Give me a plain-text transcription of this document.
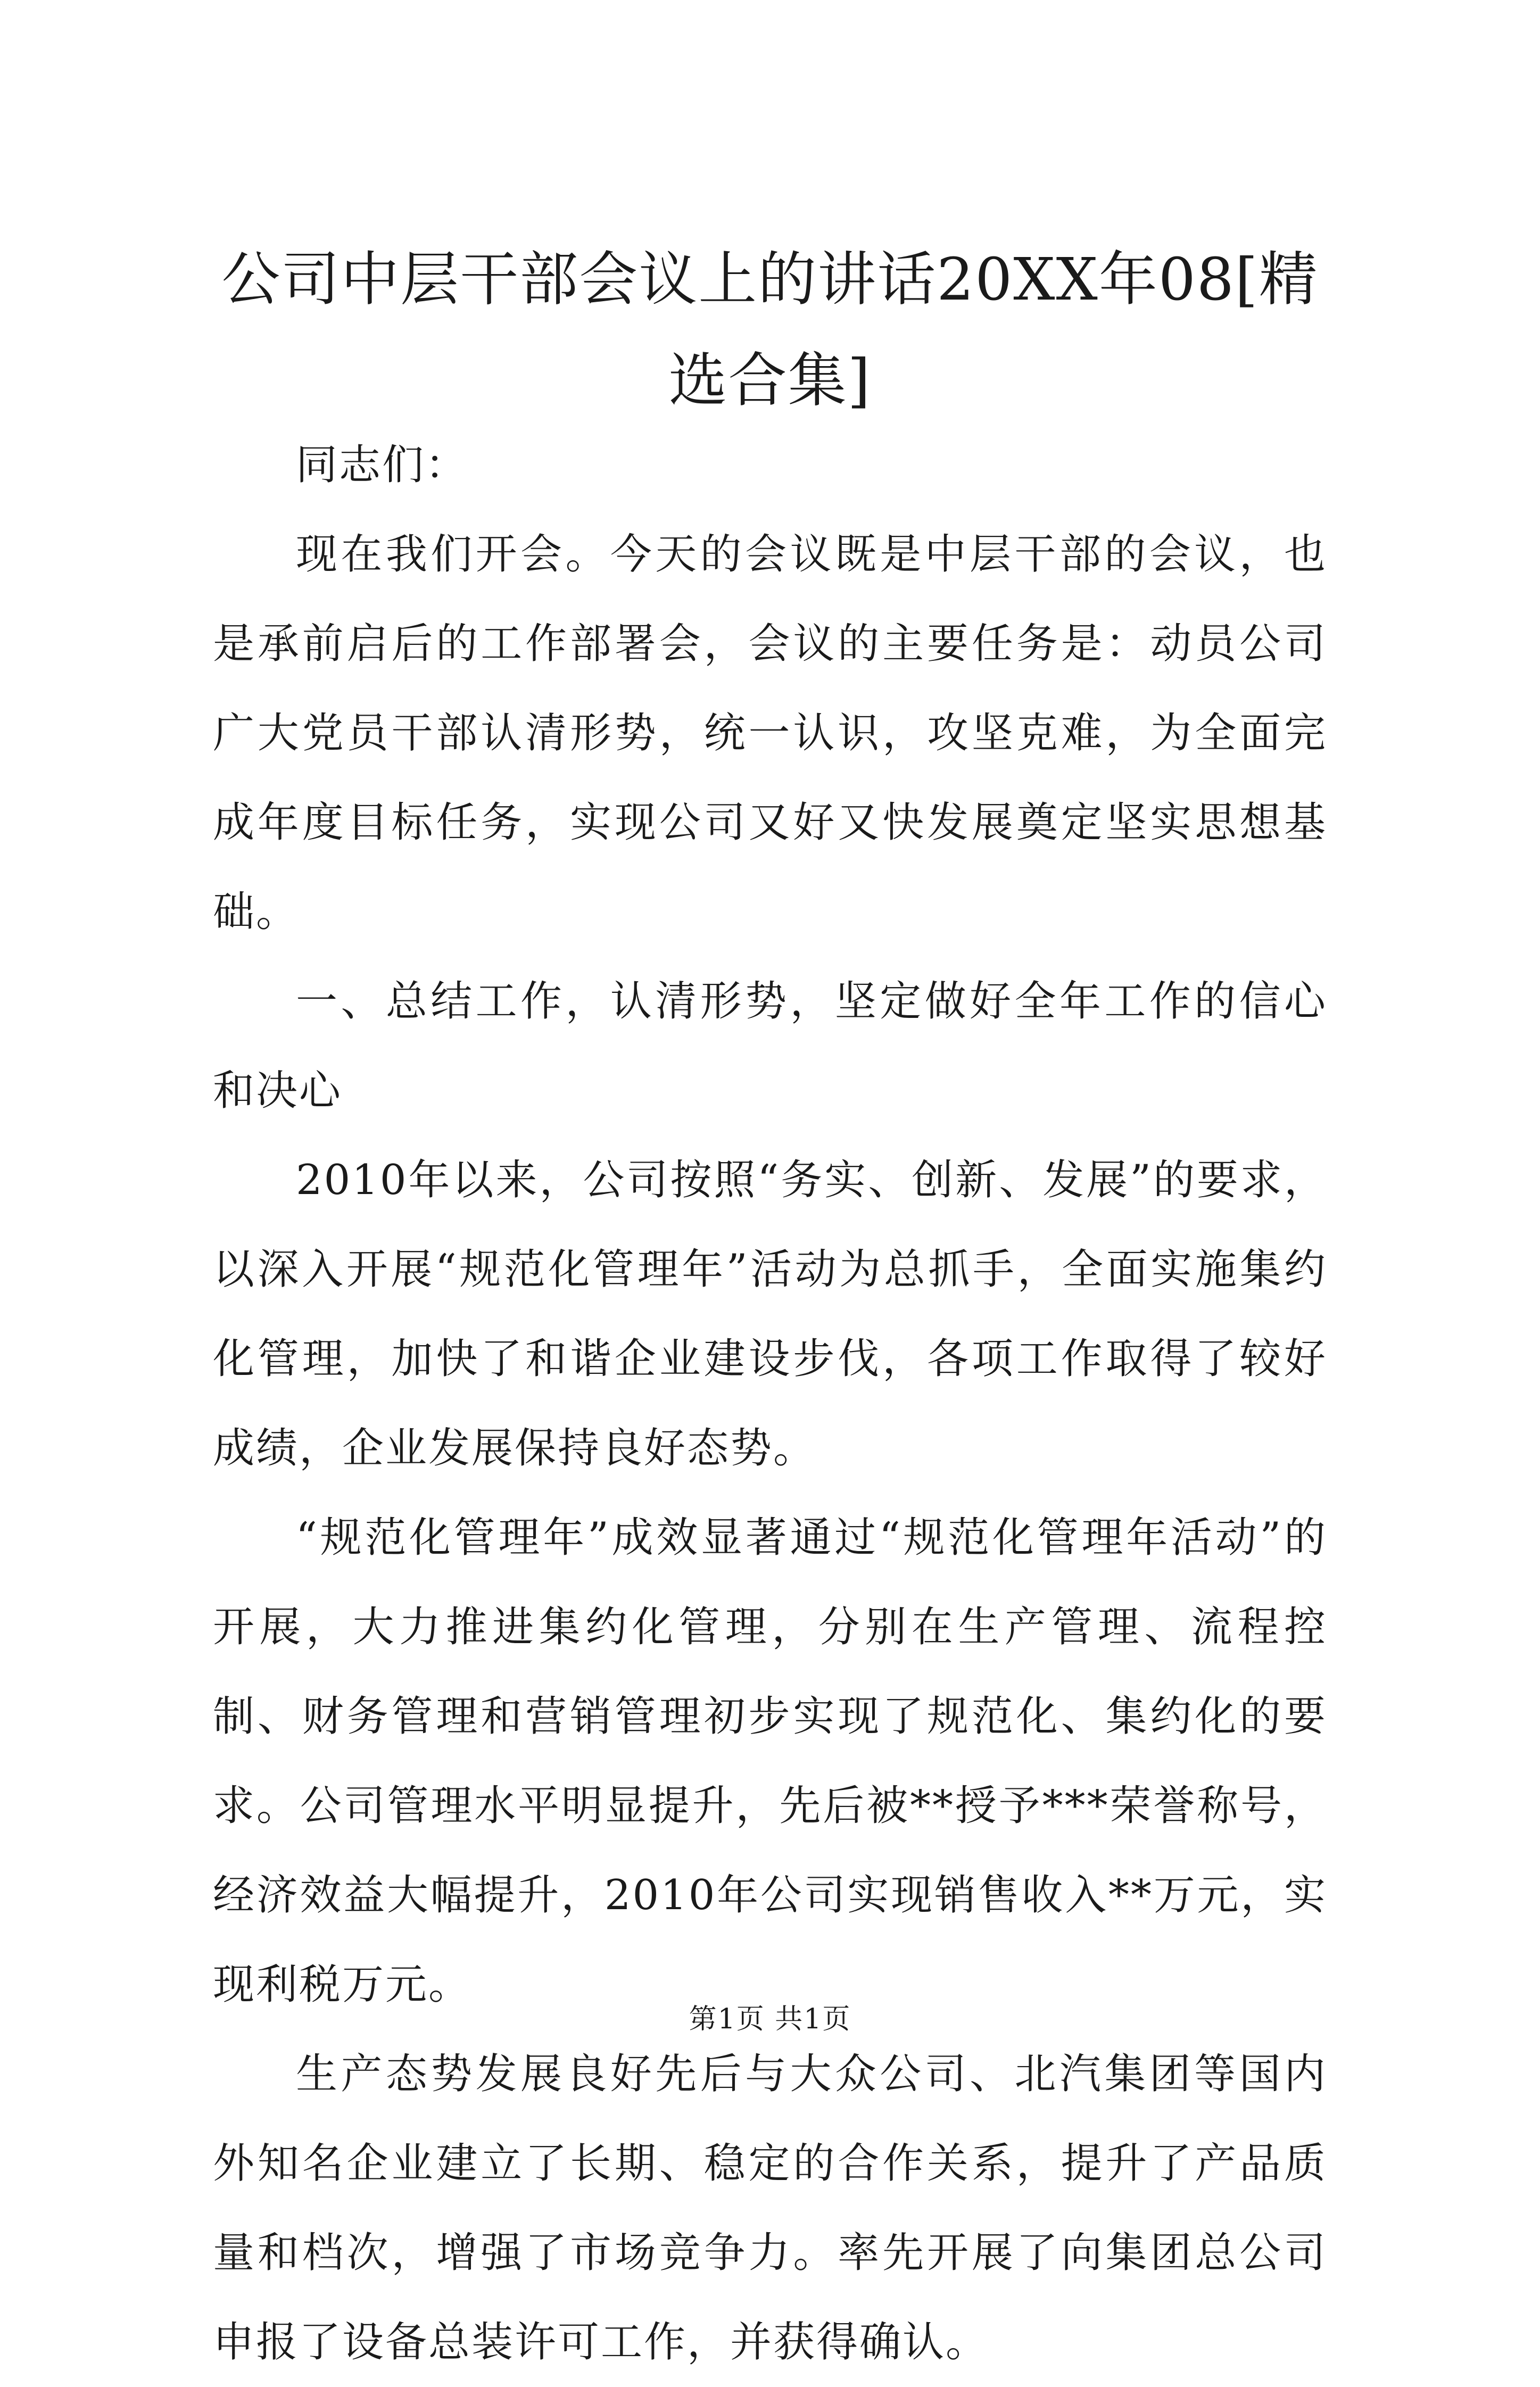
公司中层干部会议上的讲话20XX年08[精选合集]

同志们：

现在我们开会。今天的会议既是中层干部的会议，也是承前启后的工作部署会，会议的主要任务是：动员公司广大党员干部认清形势，统一认识，攻坚克难，为全面完成年度目标任务，实现公司又好又快发展奠定坚实思想基础。

一、总结工作，认清形势，坚定做好全年工作的信心和决心

2010年以来，公司按照“务实、创新、发展”的要求，以深入开展“规范化管理年”活动为总抓手，全面实施集约化管理，加快了和谐企业建设步伐，各项工作取得了较好成绩，企业发展保持良好态势。

“规范化管理年”成效显著通过“规范化管理年活动”的开展，大力推进集约化管理，分别在生产管理、流程控制、财务管理和营销管理初步实现了规范化、集约化的要求。公司管理水平明显提升，先后被**授予***荣誉称号，经济效益大幅提升，2010年公司实现销售收入**万元，实现利税万元。

生产态势发展良好先后与大众公司、北汽集团等国内外知名企业建立了长期、稳定的合作关系，提升了产品质量和档次，增强了市场竞争力。率先开展了向集团总公司申报了设备总装许可工作，并获得确认。

第1页 共1页
